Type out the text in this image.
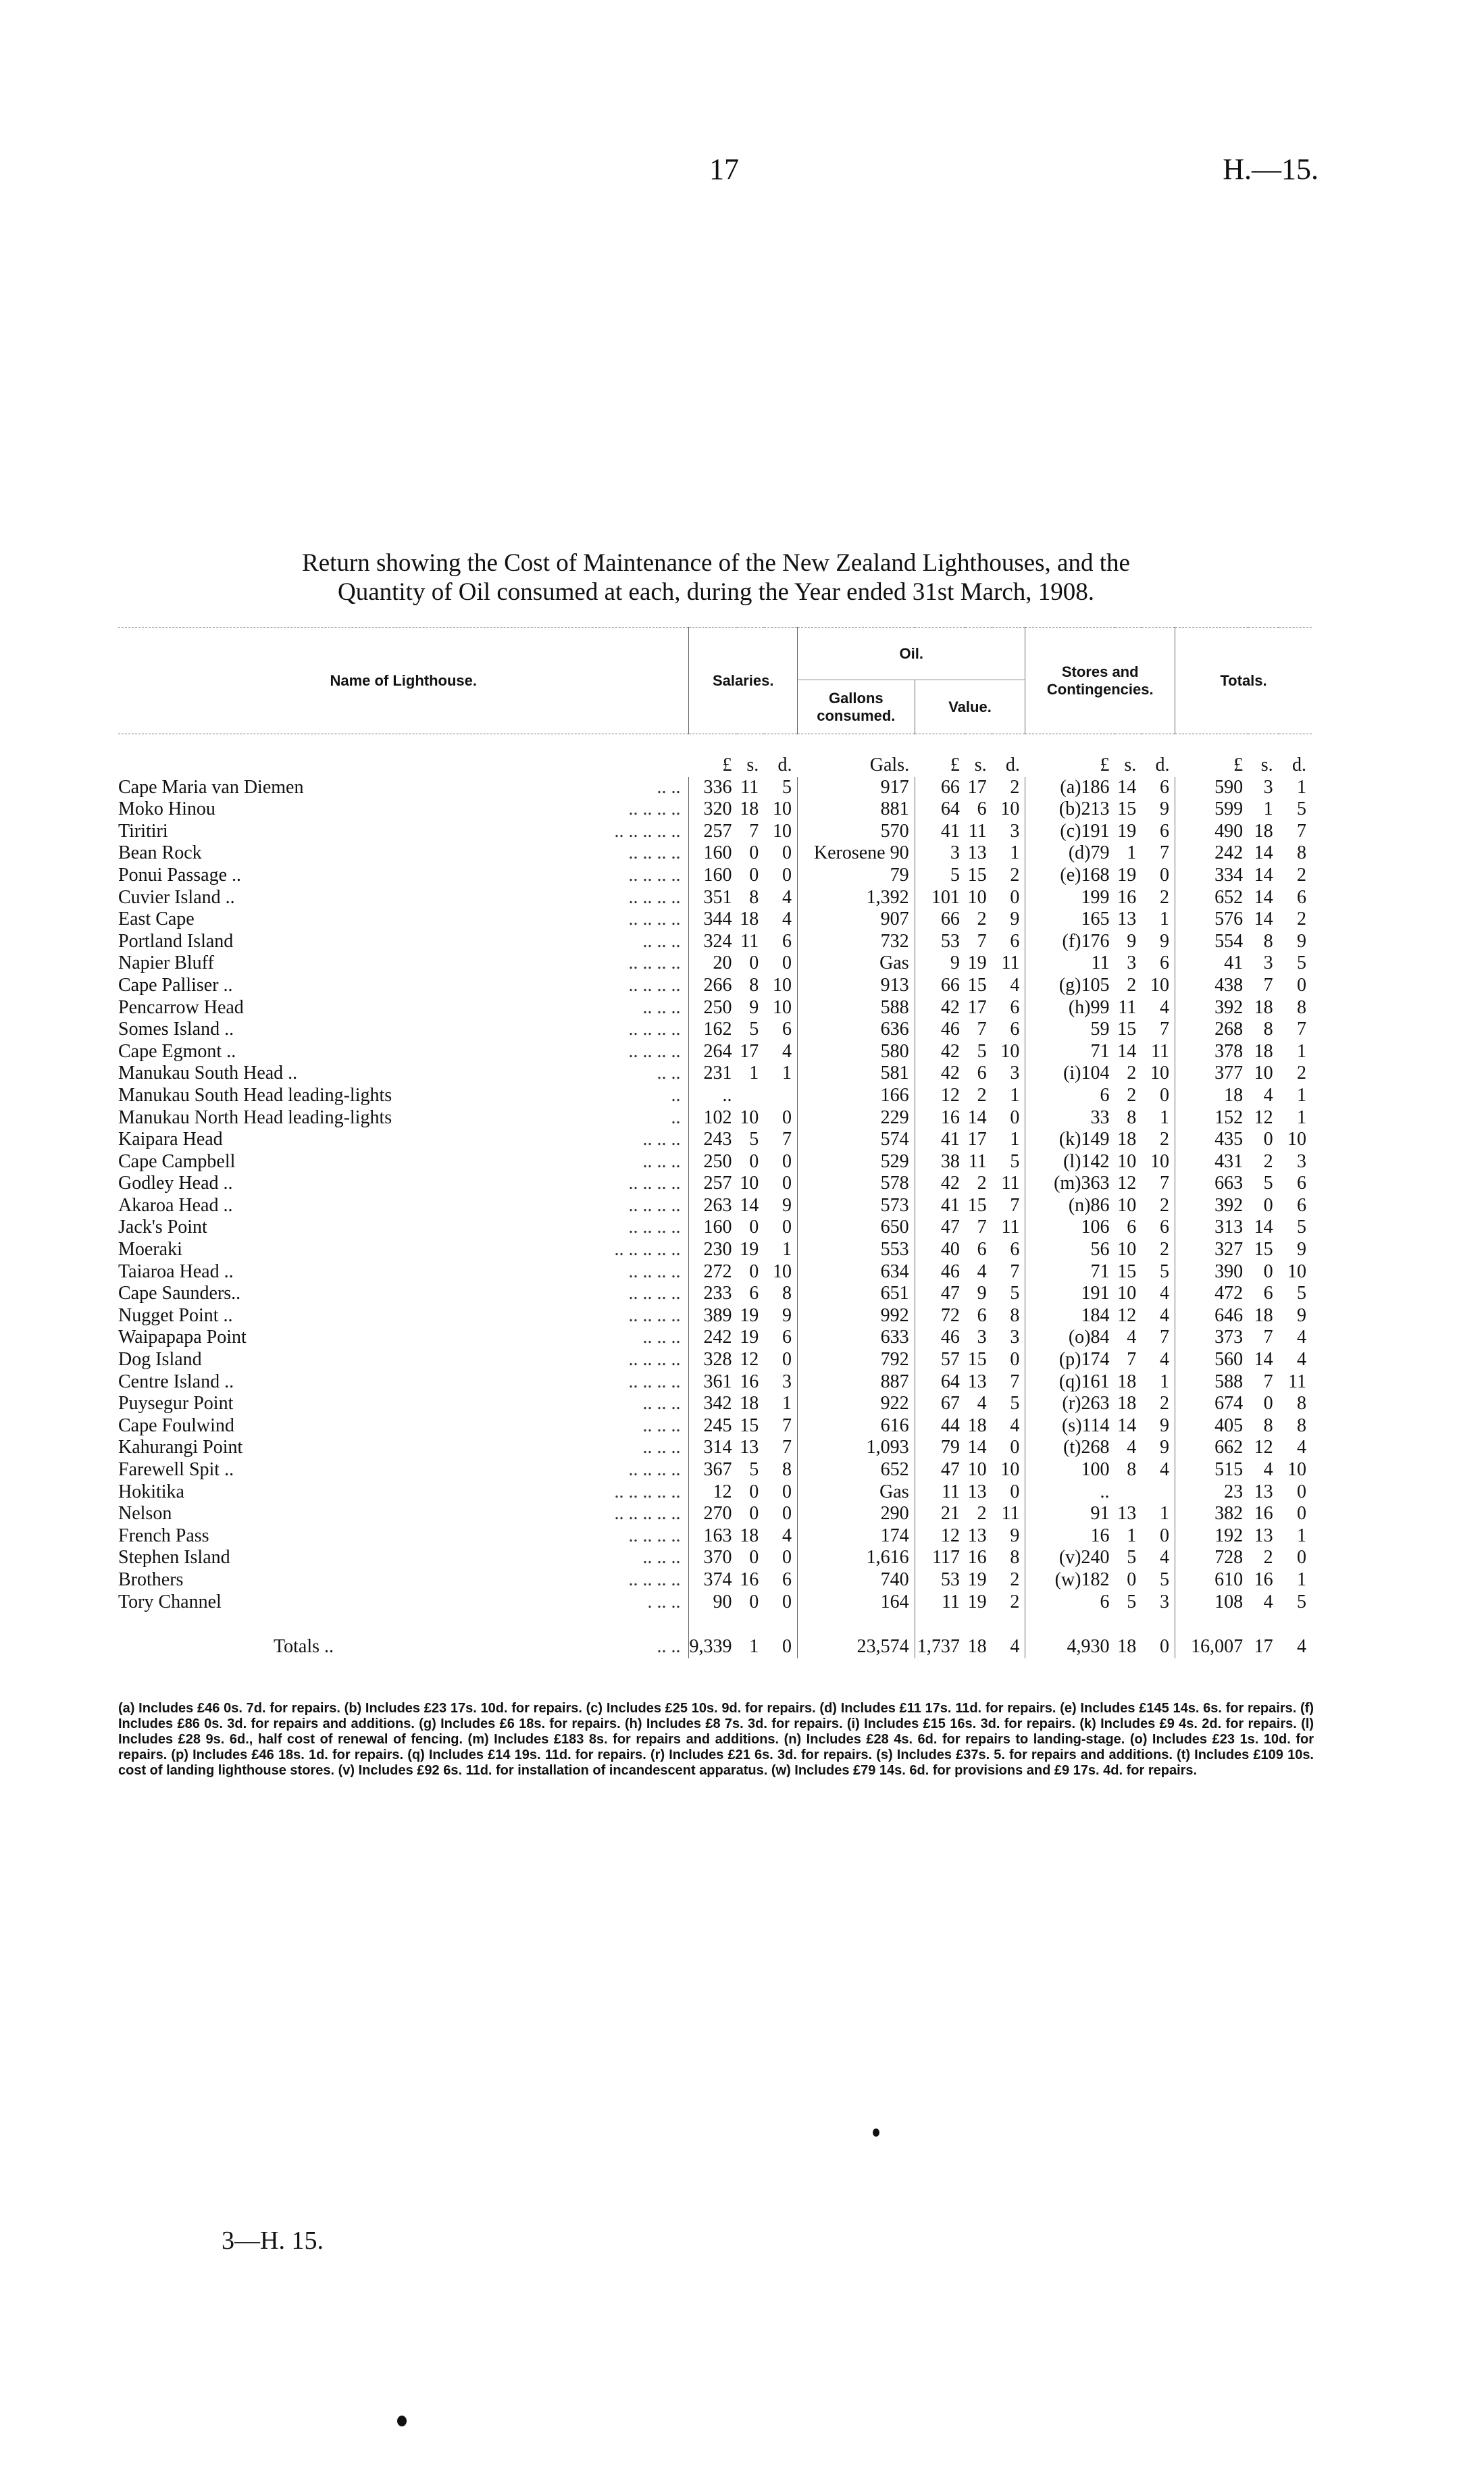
17	H.—15.
Return showing the Cost of Maintenance of the New Zealand Lighthouses, and the
Quantity of Oil consumed at each, during the Year ended 31st March, 1908.
Name of Lighthouse.	Salaries.			Oil.				Stores and Contingencies.			Totals.		
				Gallons consumed.	Value.								
	£	s.	d.	Gals.	£	s.	d.	£	s.	d.	£	s.	d.
Cape Maria van Diemen .. ..	336	11	5	917	66	17	2	(a)186	14	6	590	3	1
Moko Hinou .. .. .. ..	320	18	10	881	64	6	10	(b)213	15	9	599	1	5
Tiritiri .. .. .. .. ..	257	7	10	570	41	11	3	(c)191	19	6	490	18	7
Bean Rock .. .. .. ..	160	0	0	Kerosene 90	3	13	1	(d)79	1	7	242	14	8
Ponui Passage .. .. .. .. ..	160	0	0	79	5	15	2	(e)168	19	0	334	14	2
Cuvier Island .. .. .. .. ..	351	8	4	1,392	101	10	0	199	16	2	652	14	6
East Cape .. .. .. ..	344	18	4	907	66	2	9	165	13	1	576	14	2
Portland Island .. .. ..	324	11	6	732	53	7	6	(f)176	9	9	554	8	9
Napier Bluff .. .. .. ..	20	0	0	Gas	9	19	11	11	3	6	41	3	5
Cape Palliser .. .. .. .. ..	266	8	10	913	66	15	4	(g)105	2	10	438	7	0
Pencarrow Head .. .. ..	250	9	10	588	42	17	6	(h)99	11	4	392	18	8
Somes Island .. .. .. .. ..	162	5	6	636	46	7	6	59	15	7	268	8	7
Cape Egmont .. .. .. .. ..	264	17	4	580	42	5	10	71	14	11	378	18	1
Manukau South Head .. .. ..	231	1	1	581	42	6	3	(i)104	2	10	377	10	2
Manukau South Head leading-lights ..	..			166	12	2	1	6	2	0	18	4	1
Manukau North Head leading-lights ..	102	10	0	229	16	14	0	33	8	1	152	12	1
Kaipara Head .. .. ..	243	5	7	574	41	17	1	(k)149	18	2	435	0	10
Cape Campbell .. .. ..	250	0	0	529	38	11	5	(l)142	10	10	431	2	3
Godley Head .. .. .. .. ..	257	10	0	578	42	2	11	(m)363	12	7	663	5	6
Akaroa Head .. .. .. .. ..	263	14	9	573	41	15	7	(n)86	10	2	392	0	6
Jack's Point .. .. .. ..	160	0	0	650	47	7	11	106	6	6	313	14	5
Moeraki .. .. .. .. ..	230	19	1	553	40	6	6	56	10	2	327	15	9
Taiaroa Head .. .. .. .. ..	272	0	10	634	46	4	7	71	15	5	390	0	10
Cape Saunders.. .. .. .. ..	233	6	8	651	47	9	5	191	10	4	472	6	5
Nugget Point .. .. .. .. ..	389	19	9	992	72	6	8	184	12	4	646	18	9
Waipapapa Point .. .. ..	242	19	6	633	46	3	3	(o)84	4	7	373	7	4
Dog Island .. .. .. ..	328	12	0	792	57	15	0	(p)174	7	4	560	14	4
Centre Island .. .. .. .. ..	361	16	3	887	64	13	7	(q)161	18	1	588	7	11
Puysegur Point .. .. ..	342	18	1	922	67	4	5	(r)263	18	2	674	0	8
Cape Foulwind .. .. ..	245	15	7	616	44	18	4	(s)114	14	9	405	8	8
Kahurangi Point .. .. ..	314	13	7	1,093	79	14	0	(t)268	4	9	662	12	4
Farewell Spit .. .. .. .. ..	367	5	8	652	47	10	10	100	8	4	515	4	10
Hokitika .. .. .. .. ..	12	0	0	Gas	11	13	0	..			23	13	0
Nelson .. .. .. .. ..	270	0	0	290	21	2	11	91	13	1	382	16	0
French Pass .. .. .. ..	163	18	4	174	12	13	9	16	1	0	192	13	1
Stephen Island .. .. ..	370	0	0	1,616	117	16	8	(v)240	5	4	728	2	0
Brothers .. .. .. ..	374	16	6	740	53	19	2	(w)182	0	5	610	16	1
Tory Channel . .. ..	90	0	0	164	11	19	2	6	5	3	108	4	5
Totals .. .. ..	9,339	1	0	23,574	1,737	18	4	4,930	18	0	16,007	17	4

(a) Includes £46 0s. 7d. for repairs. (b) Includes £23 17s. 10d. for repairs. (c) Includes £25 10s. 9d. for repairs. (d) Includes £11 17s. 11d. for repairs. (e) Includes £145 14s. 6s. for repairs. (f) Includes £86 0s. 3d. for repairs and additions. (g) Includes £6 18s. for repairs. (h) Includes £8 7s. 3d. for repairs. (i) Includes £15 16s. 3d. for repairs. (k) Includes £9 4s. 2d. for repairs. (l) Includes £28 9s. 6d., half cost of renewal of fencing. (m) Includes £183 8s. for repairs and additions. (n) Includes £28 4s. 6d. for repairs to landing-stage. (o) Includes £23 1s. 10d. for repairs. (p) Includes £46 18s. 1d. for repairs. (q) Includes £14 19s. 11d. for repairs. (r) Includes £21 6s. 3d. for repairs. (s) Includes £37s. 5. for repairs and additions. (t) Includes £109 10s. cost of landing lighthouse stores. (v) Includes £92 6s. 11d. for installation of incandescent apparatus. (w) Includes £79 14s. 6d. for provisions and £9 17s. 4d. for repairs.

3—H. 15.
